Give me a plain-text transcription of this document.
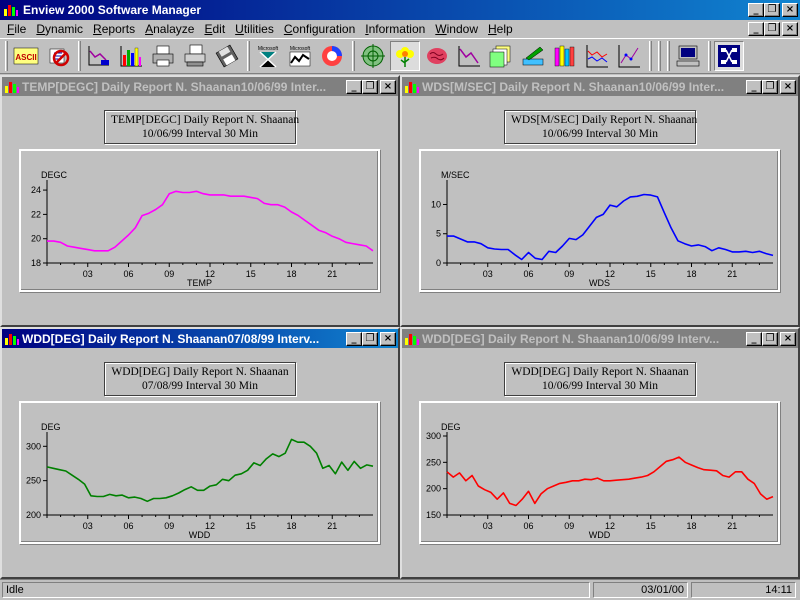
Enview 2000 Software Manager	_ ❐ ×
File Dynamic Reports Analayze Edit Utilities Configuration Information Window Help	_ ❐ ×
ASCII
Microsoft Microsoft
TEMP[DEGC] Daily Report N. Shaanan10/06/99 Inter...	_ ❐ ×
TEMP[DEGC] Daily Report N. Shaanan
10/06/99 Interval 30 Min
DEGC
18
20
22
24
03	06	09	12	15	18	21
TEMP
WDS[M/SEC] Daily Report N. Shaanan10/06/99 Inter...	_ ❐ ×
WDS[M/SEC] Daily Report N. Shaanan
10/06/99 Interval 30 Min
M/SEC
0
5
10
03	06	09	12	15	18	21
WDS
WDD[DEG] Daily Report N. Shaanan07/08/99 Interv...	_ ❐ ×
WDD[DEG] Daily Report N. Shaanan
07/08/99 Interval 30 Min
DEG
200
250
300
03	06	09	12	15	18	21
WDD
WDD[DEG] Daily Report N. Shaanan10/06/99 Interv...	_ ❐ ×
WDD[DEG] Daily Report N. Shaanan
10/06/99 Interval 30 Min
DEG
150
200
250
300
03	06	09	12	15	18	21
WDD
Idle	03/01/00	14:11
